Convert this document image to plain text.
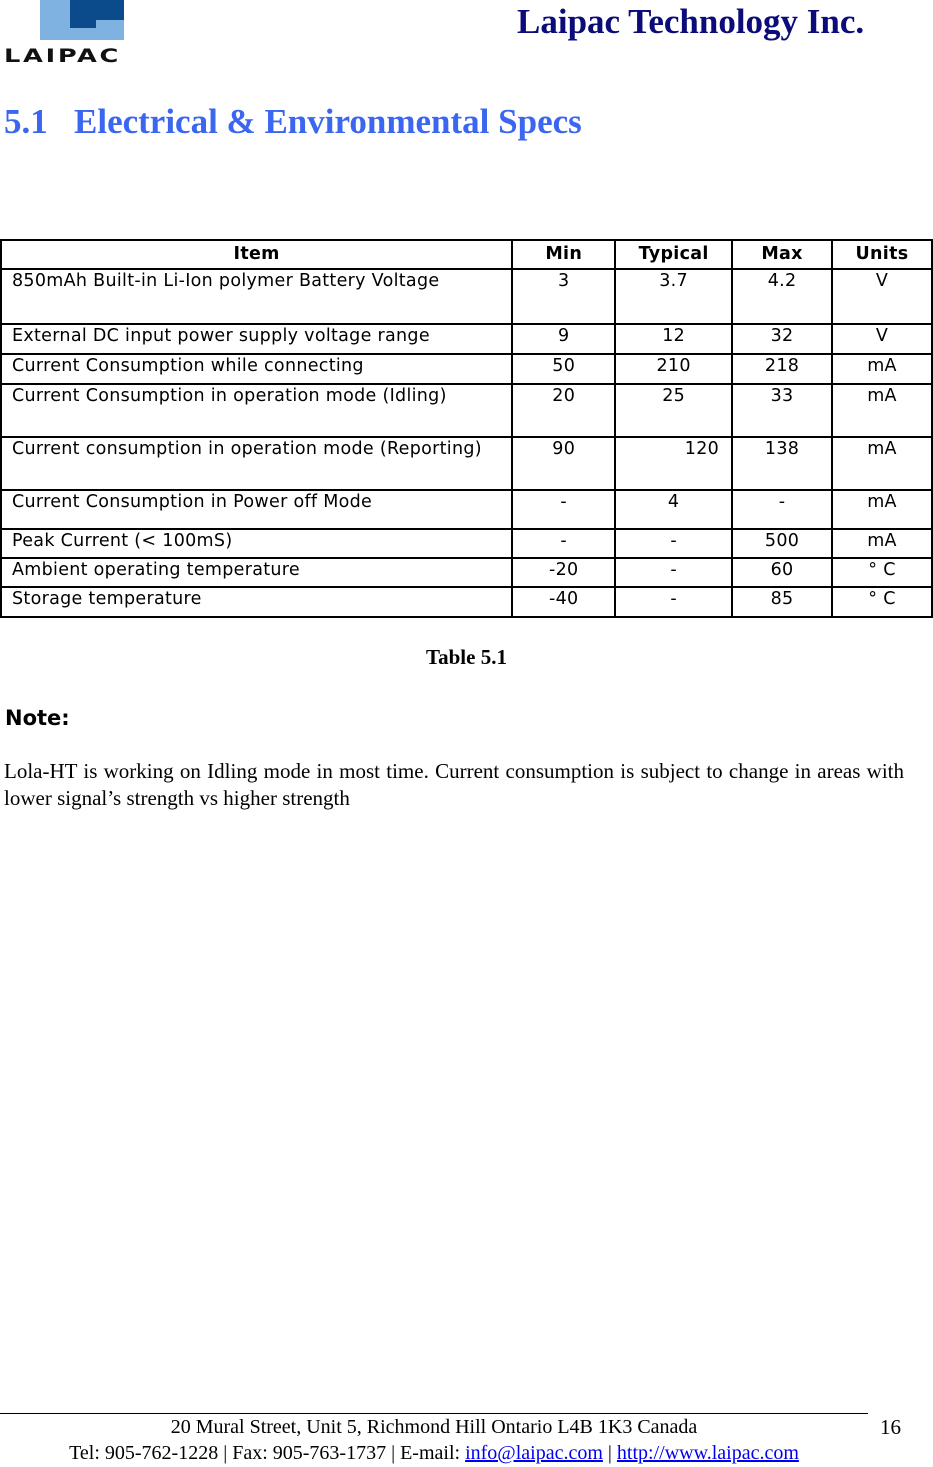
LAIPAC
Laipac Technology Inc.
5.1 Electrical & Environmental Specs
Item	Min	Typical	Max	Units
850mAh Built-in Li-Ion polymer Battery Voltage	3	3.7	4.2	V
External DC input power supply voltage range	9	12	32	V
Current Consumption while connecting	50	210	218	mA
Current Consumption in operation mode (Idling)	20	25	33	mA
Current consumption in operation mode (Reporting)	90	120	138	mA
Current Consumption in Power off Mode	-	4	-	mA
Peak Current (< 100mS)	-	-	500	mA
Ambient operating temperature	-20	-	60	° C
Storage temperature	-40	-	85	° C
Table 5.1
Note:
Lola-HT is working on Idling mode in most time. Current consumption is subject to change in areas with lower signal’s strength vs higher strength
20 Mural Street, Unit 5, Richmond Hill Ontario L4B 1K3 Canada
Tel: 905-762-1228 | Fax: 905-763-1737 | E-mail: info@laipac.com | http://www.laipac.com
16
